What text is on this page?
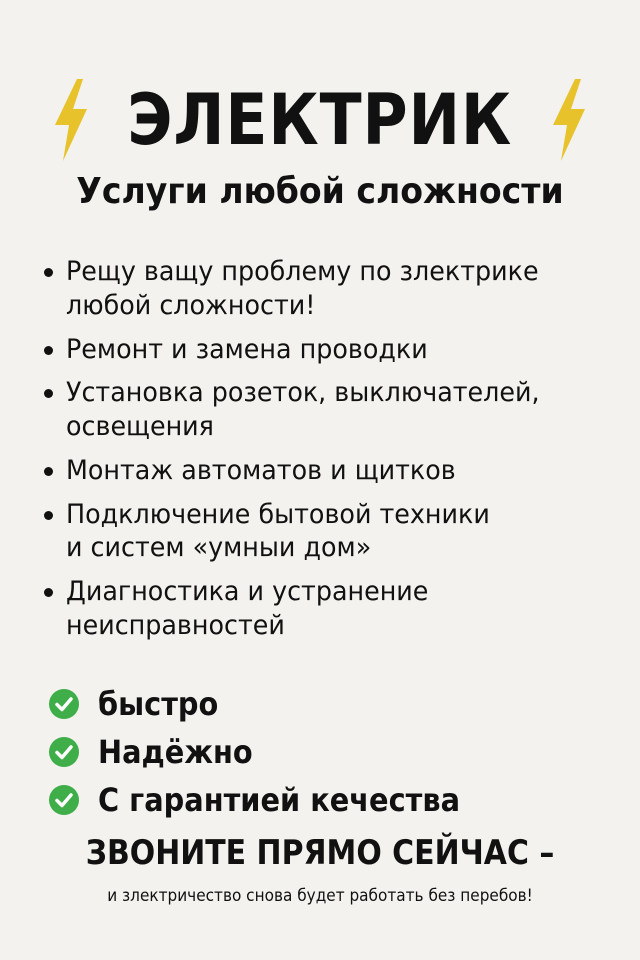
ЭЛЕКТРИК
Услуги любой сложности
Рещу ващу проблему по злектрике
любой сложности!
Ремонт и замена проводки
Установка розеток, выключателей,
освещения
Монтаж автоматов и щитков
Подключение бытовой техники
и систем «умныи дом»
Диагностика и устранение
неисправностей
быстро
Надёжно
С гарантией кечества
ЗВОНИТЕ ПРЯМО СЕЙЧАС –
и злектричество снова будет работать без перебов!
